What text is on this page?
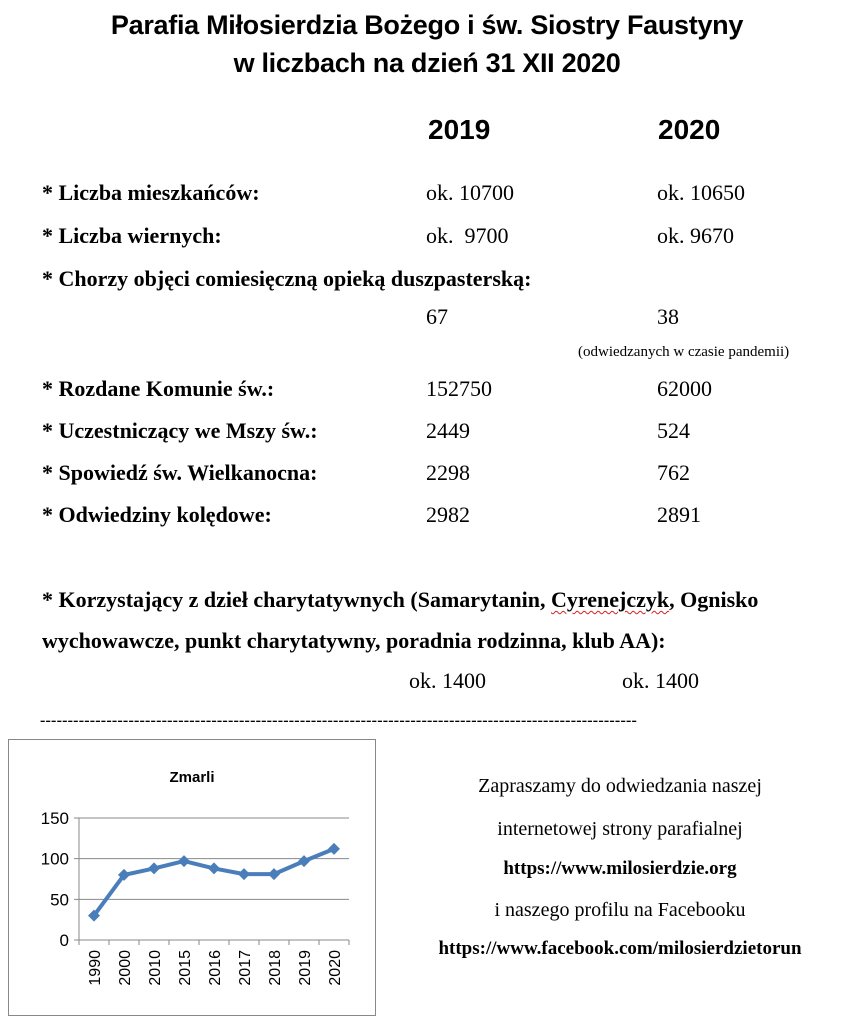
Parafia Miłosierdzia Bożego i św. Siostry Faustyny
w liczbach na dzień 31 XII 2020
2019	2020
* Liczba mieszkańców:	ok. 10700	ok. 10650
* Liczba wiernych:	ok.  9700	ok. 9670
* Chorzy objęci comiesięczną opieką duszpasterską:
67	38
(odwiedzanych w czasie pandemii)
* Rozdane Komunie św.:	152750	62000
* Uczestniczący we Mszy św.:	2449	524
* Spowiedź św. Wielkanocna:	2298	762
* Odwiedziny kolędowe:	2982	2891
* Korzystający z dzieł charytatywnych (Samarytanin, Cyrenejczyk, Ognisko
wychowawcze, punkt charytatywny, poradnia rodzinna, klub AA):
ok. 1400	ok. 1400
------------------------------------------------------------------------------------------------------------
Zmarli
0
50
100
150
1990 2000 2010 2015 2016 2017 2018 2019 2020
Zapraszamy do odwiedzania naszej
internetowej strony parafialnej
https://www.milosierdzie.org
i naszego profilu na Facebooku
https://www.facebook.com/milosierdzietorun
